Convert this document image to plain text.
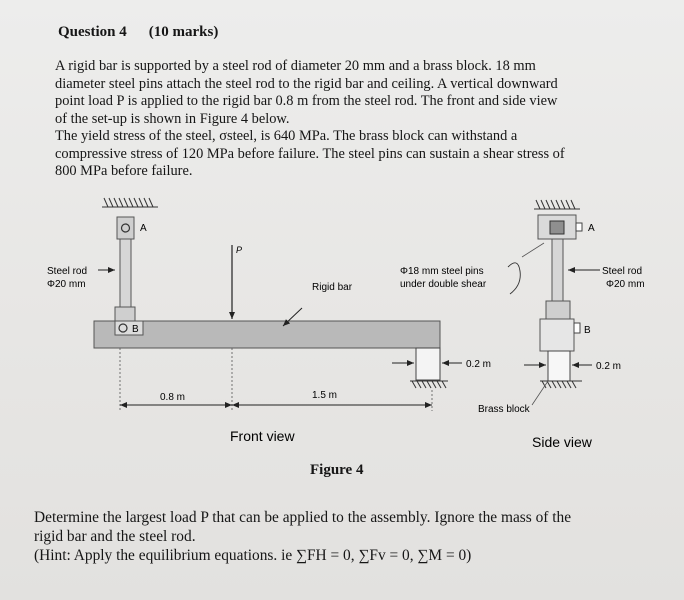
Question 4 (10 marks)

A rigid bar is supported by a steel rod of diameter 20 mm and a brass block. 18 mm

diameter steel pins attach the steel rod to the rigid bar and ceiling. A vertical downward

point load P is applied to the rigid bar 0.8 m from the steel rod. The front and side view

of the set-up is shown in Figure 4 below.

The yield stress of the steel, σsteel, is 640 MPa. The brass block can withstand a

compressive stress of 120 MPa before failure. The steel pins can sustain a shear stress of

800 MPa before failure.

A
B
Steel rod
Φ20 mm
P
Rigid bar
0.2 m
0.8 m	1.5 m
Front view
Φ18 mm steel pins
under double shear
A
Steel rod
Φ20 mm
B
0.2 m
Brass block
Side view
Figure 4

Determine the largest load P that can be applied to the assembly. Ignore the mass of the

rigid bar and the steel rod.

(Hint: Apply the equilibrium equations. ie ∑FH = 0, ∑Fv = 0, ∑M = 0)
